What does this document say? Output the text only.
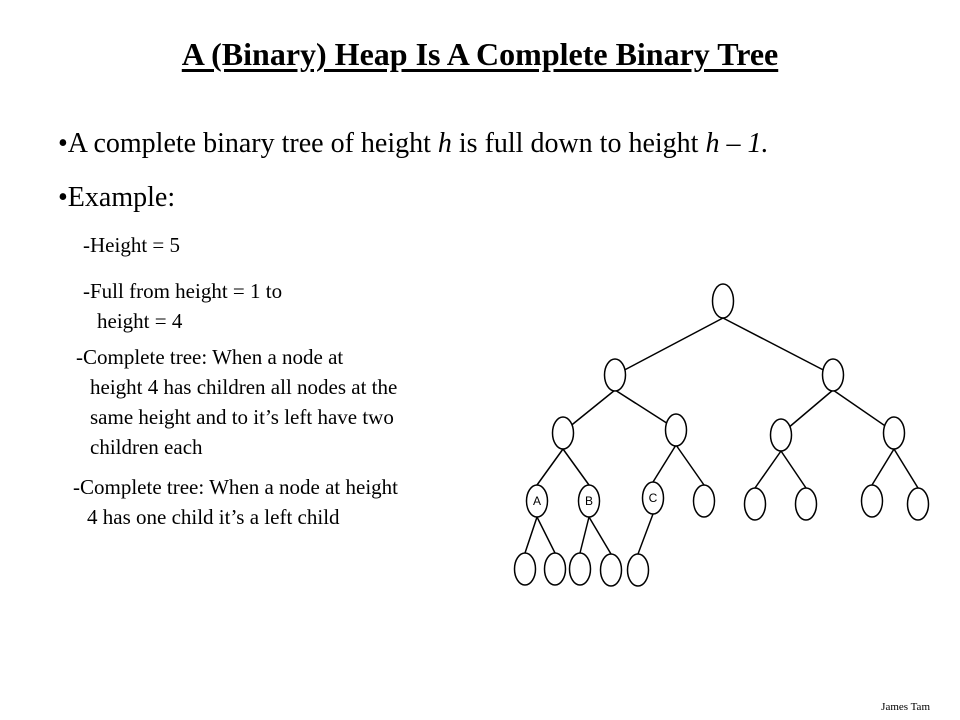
A (Binary) Heap Is A Complete Binary Tree
•A complete binary tree of height h is full down to height h – 1.
•Example:
-Height = 5
-Full from height = 1 to
height = 4
-Complete tree: When a node at
height 4 has children all nodes at the
same height and to it’s left have two
children each
-Complete tree: When a node at height
4 has one child it’s a left child
A	B	C
James Tam
